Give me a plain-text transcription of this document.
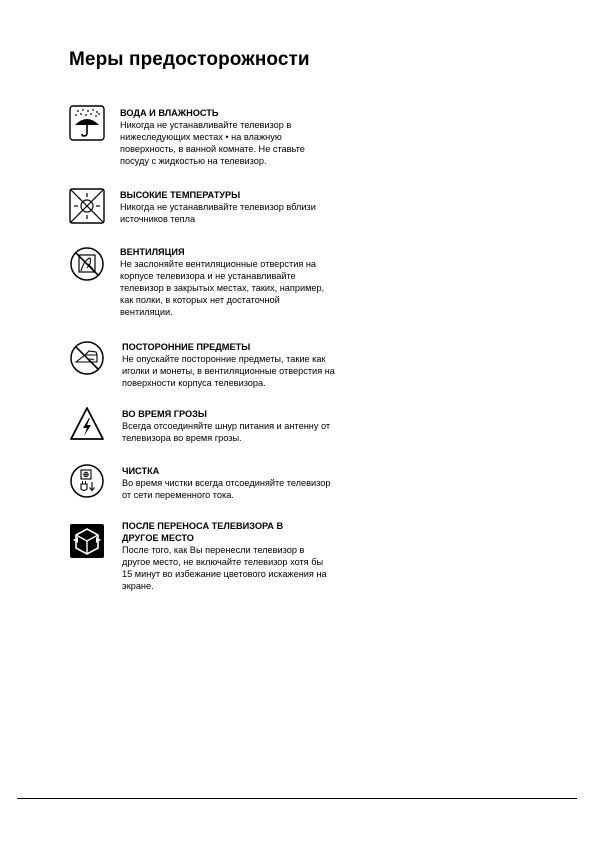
Меры предосторожности
ВОДА И ВЛАЖНОСТЬ
Никогда не устанавливайте телевизор в
нижеследующих местах • на влажную
поверхность, в ванной комнате. Не ставьте
посуду с жидкостью на телевизор.
ВЫСОКИЕ ТЕМПЕРАТУРЫ
Никогда не устанавливайте телевизор вблизи
источников тепла
ВЕНТИЛЯЦИЯ
Не заслоняйте вентиляционные отверстия на
корпусе телевизора и не устанавливайте
телевизор в закрытых местах, таких, например,
как полки, в которых нет достаточной
вентиляции.
ПОСТОРОННИЕ ПРЕДМЕТЫ
Не опускайте посторонние предметы, такие как
иголки и монеты, в вентиляционные отверстия на
поверхности корпуса телевизора.
ВО ВРЕМЯ ГРОЗЫ
Всегда отсоединяйте шнур питания и антенну от
телевизора во время грозы.
ЧИСТКА
Во время чистки всегда отсоединяйте телевизор
от сети переменного тока.
ПОСЛЕ ПЕРЕНОСА ТЕЛЕВИЗОРА В
ДРУГОЕ МЕСТО
После того, как Вы перенесли телевизор в
другое место, не включайте телевизор хотя бы
15 минут во избежание цветового искажения на
экране.
